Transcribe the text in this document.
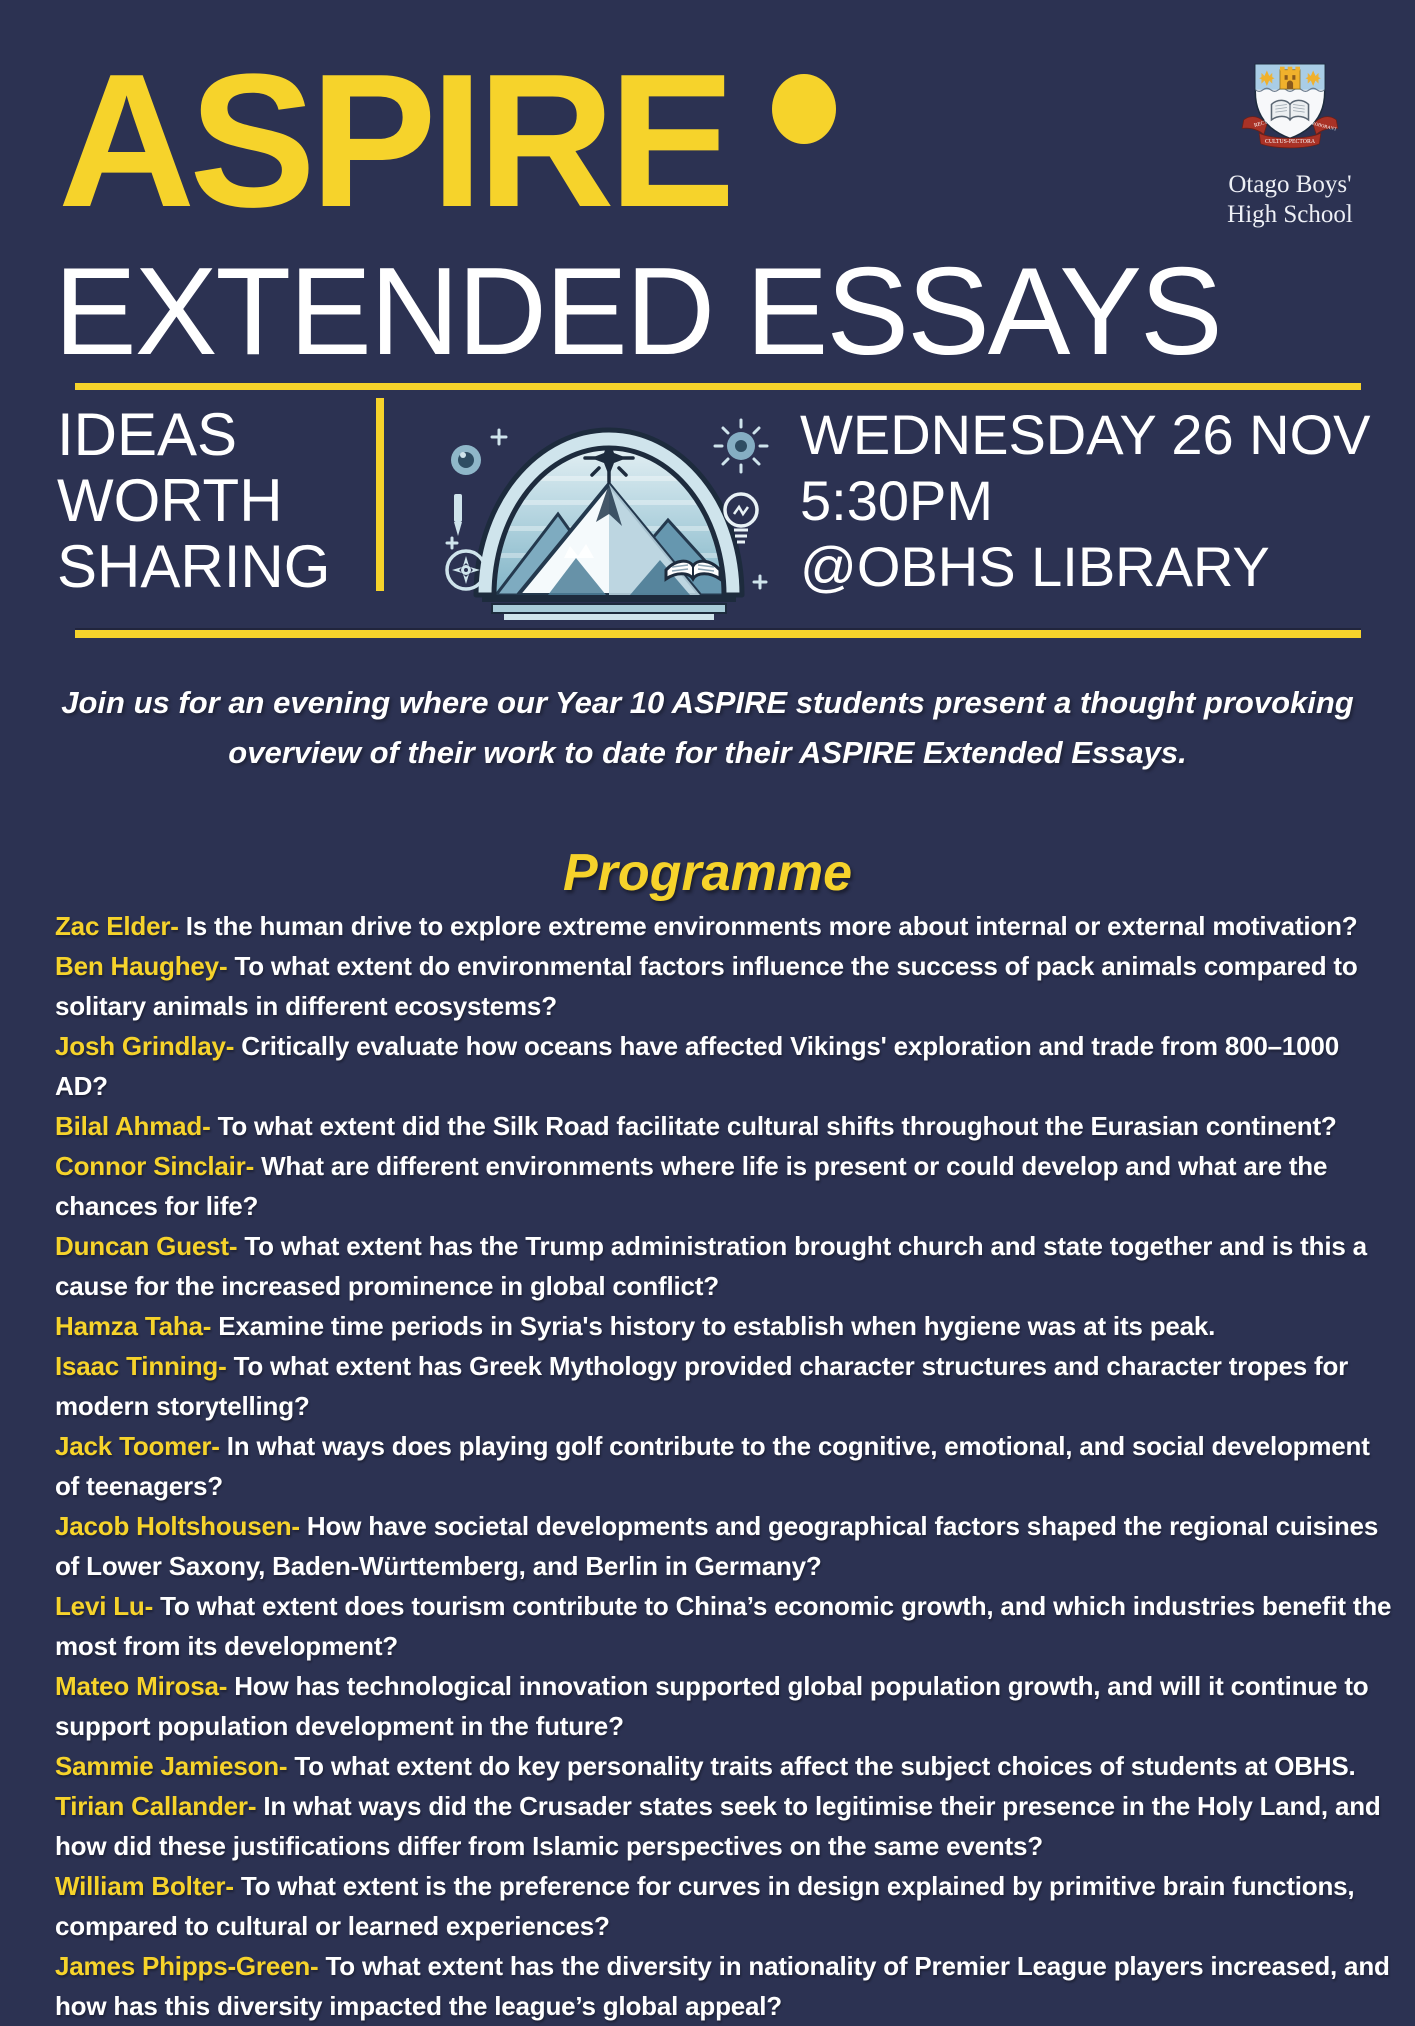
ASPIRE
EXTENDED ESSAYS
RECTI	ROBORANT
CULTUS-PECTORA
Otago Boys'
High School
IDEAS
WORTH
SHARING
WEDNESDAY 26 NOV
5:30PM
@OBHS LIBRARY

Join us for an evening where our Year 10 ASPIRE students present a thought provoking overview of their work to date for their ASPIRE Extended Essays.

Programme

Zac Elder- Is the human drive to explore extreme environments more about internal or external motivation?

Ben Haughey- To what extent do environmental factors influence the success of pack animals compared to solitary animals in different ecosystems?

Josh Grindlay- Critically evaluate how oceans have affected Vikings' exploration and trade from 800–1000 AD?

Bilal Ahmad- To what extent did the Silk Road facilitate cultural shifts throughout the Eurasian continent?

Connor Sinclair- What are different environments where life is present or could develop and what are the chances for life?

Duncan Guest- To what extent has the Trump administration brought church and state together and is this a cause for the increased prominence in global conflict?

Hamza Taha- Examine time periods in Syria's history to establish when hygiene was at its peak.

Isaac Tinning- To what extent has Greek Mythology provided character structures and character tropes for modern storytelling?

Jack Toomer- In what ways does playing golf contribute to the cognitive, emotional, and social development of teenagers?

Jacob Holtshousen- How have societal developments and geographical factors shaped the regional cuisines of Lower Saxony, Baden-Württemberg, and Berlin in Germany?

Levi Lu- To what extent does tourism contribute to China’s economic growth, and which industries benefit the most from its development?

Mateo Mirosa- How has technological innovation supported global population growth, and will it continue to support population development in the future?

Sammie Jamieson- To what extent do key personality traits affect the subject choices of students at OBHS.

Tirian Callander- In what ways did the Crusader states seek to legitimise their presence in the Holy Land, and how did these justifications differ from Islamic perspectives on the same events?

William Bolter- To what extent is the preference for curves in design explained by primitive brain functions, compared to cultural or learned experiences?

James Phipps-Green- To what extent has the diversity in nationality of Premier League players increased, and how has this diversity impacted the league’s global appeal?
